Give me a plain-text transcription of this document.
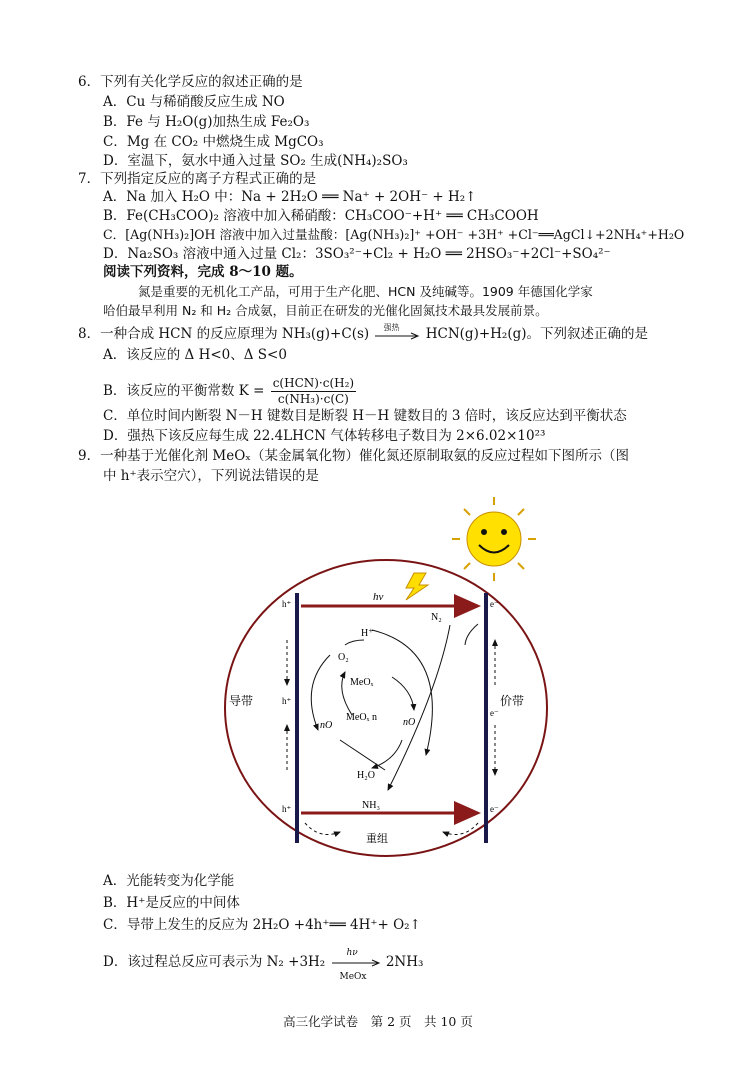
6．下列有关化学反应的叙述正确的是
A．Cu 与稀硝酸反应生成 NO
B．Fe 与 H₂O(g)加热生成 Fe₂O₃
C．Mg 在 CO₂ 中燃烧生成 MgCO₃
D．室温下，氨水中通入过量 SO₂ 生成(NH₄)₂SO₃
7．下列指定反应的离子方程式正确的是
A．Na 加入 H₂O 中：Na + 2H₂O ══ Na⁺ + 2OH⁻ + H₂↑
B．Fe(CH₃COO)₂ 溶液中加入稀硝酸：CH₃COO⁻+H⁺ ══ CH₃COOH
C．[Ag(NH₃)₂]OH 溶液中加入过量盐酸：[Ag(NH₃)₂]⁺ +OH⁻ +3H⁺ +Cl⁻══AgCl↓+2NH₄⁺+H₂O
D．Na₂SO₃ 溶液中通入过量 Cl₂：3SO₃²⁻+Cl₂ + H₂O ══ 2HSO₃⁻+2Cl⁻+SO₄²⁻
阅读下列资料，完成 8～10 题。
氮是重要的无机化工产品，可用于生产化肥、HCN 及纯碱等。1909 年德国化学家
哈伯最早利用 N₂ 和 H₂ 合成氨，目前正在研发的光催化固氮技术最具发展前景。
8．一种合成 HCN 的反应原理为 NH₃(g)+C(s) 强热 HCN(g)+H₂(g)。下列叙述正确的是
A．该反应的 Δ H<0、Δ S<0
B．该反应的平衡常数 K = c(HCN)·c(H₂)
c(NH₃)·c(C)
C．单位时间内断裂 N－H 键数目是断裂 H－H 键数目的 3 倍时，该反应达到平衡状态
D．强热下该反应每生成 22.4LHCN 气体转移电子数目为 2×6.02×10²³
9．一种基于光催化剂 MeOₓ（某金属氧化物）催化氮还原制取氨的反应过程如下图所示（图
中 h⁺表示空穴），下列说法错误的是
hv
N₂
H⁺
O₂
MeOₓ
MeOₓ n
nO	nO
H₂O
NH₃
导带	价带
重组
h⁺
h⁺
h⁺
e⁻
e⁻
e⁻
A．光能转变为化学能
B．H⁺是反应的中间体
C．导带上发生的反应为 2H₂O +4h⁺══ 4H⁺+ O₂↑
D．该过程总反应可表示为 N₂ +3H₂
hν
MeOx
2NH₃
高三化学试卷　第 2 页　共 10 页
